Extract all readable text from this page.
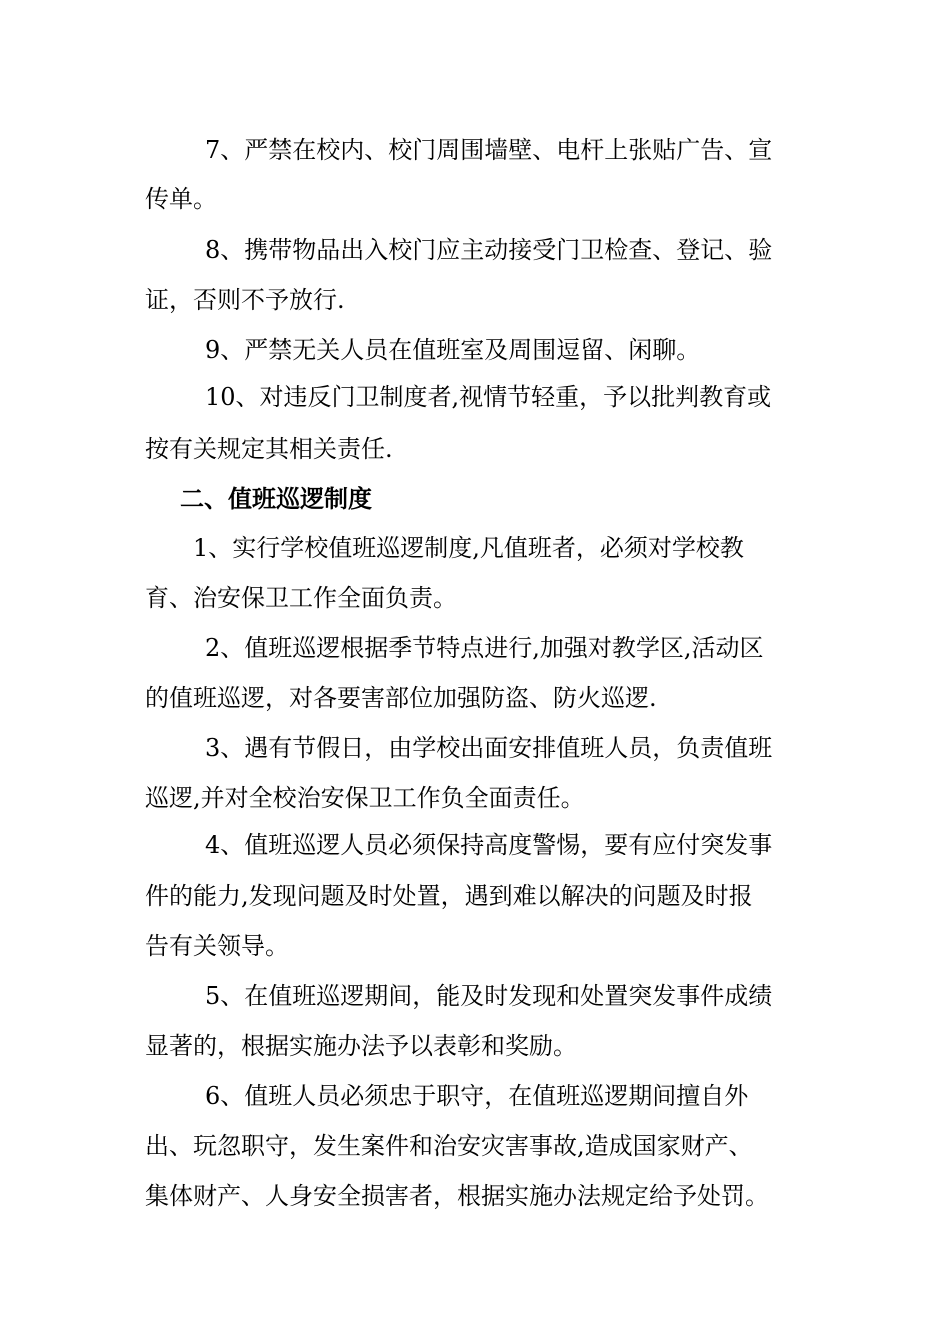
7、严禁在校内、校门周围墙壁、电杆上张贴广告、宣
传单。
8、携带物品出入校门应主动接受门卫检查、登记、验
证，否则不予放行.
9、严禁无关人员在值班室及周围逗留、闲聊。
10、对违反门卫制度者,视情节轻重，予以批判教育或
按有关规定其相关责任.
二、值班巡逻制度
1、实行学校值班巡逻制度,凡值班者，必须对学校教
育、治安保卫工作全面负责。
2、值班巡逻根据季节特点进行,加强对教学区,活动区
的值班巡逻，对各要害部位加强防盗、防火巡逻.
3、遇有节假日，由学校出面安排值班人员，负责值班
巡逻,并对全校治安保卫工作负全面责任。
4、值班巡逻人员必须保持高度警惕，要有应付突发事
件的能力,发现问题及时处置，遇到难以解决的问题及时报
告有关领导。
5、在值班巡逻期间，能及时发现和处置突发事件成绩
显著的，根据实施办法予以表彰和奖励。
6、值班人员必须忠于职守，在值班巡逻期间擅自外
出、玩忽职守，发生案件和治安灾害事故,造成国家财产、
集体财产、人身安全损害者，根据实施办法规定给予处罚。
